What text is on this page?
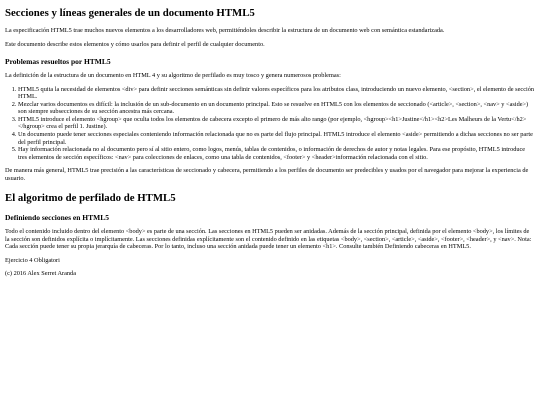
Secciones y líneas generales de un documento HTML5

La especificación HTML5 trae muchos nuevos elementos a los desarrolladores web, permitiéndoles describir la estructura de un documento web con semántica estandarizada.

Este documento describe estos elementos y cómo usarlos para definir el perfil de cualquier documento.

Problemas resueltos por HTML5

La definición de la estructura de un documento en HTML 4 y su algoritmo de perfilado es muy tosco y genera numerosos problemas:

1. HTML5 quita la necesidad de elementos <div> para definir secciones semánticas sin definir valores específicos para los atributos class, introduciendo un nuevo elemento, <section>, el elemento de sección HTML.
2. Mezclar varios documentos es difícil: la inclusión de un sub-documento en un documento principal. Esto se resuelve en HTML5 con los elementos de seccionado (<article>, <section>, <nav> y <aside>) son siempre subsecciones de su sección ancestra más cercana.
3. HTML5 introduce el elemento <hgroup> que oculta todos los elementos de cabecera excepto el primero de más alto rango (por ejemplo, <hgroup><h1>Justine</h1><h2>Les Malheurs de la Vertu</h2></hgroup> crea el perfil 1. Justine).
4. Un documento puede tener secciones especiales conteniendo información relacionada que no es parte del flujo principal. HTML5 introduce el elemento <aside> permitiendo a dichas secciones no ser parte del perfil principal.
5. Hay información relacionada no al documento pero sí al sitio entero, como logos, menús, tablas de contenidos, o información de derechos de autor y notas legales. Para ese propósito, HTML5 introduce tres elementos de sección específicos: <nav> para colecciones de enlaces, como una tabla de contenidos, <footer> y <header>información relacionada con el sitio.

De manera más general, HTML5 trae precisión a las características de seccionado y cabecera, permitiendo a los perfiles de documento ser predecibles y usados por el navegador para mejorar la experiencia de usuario.

El algoritmo de perfilado de HTML5
Definiendo secciones en HTML5

Todo el contenido incluido dentro del elemento <body> es parte de una sección. Las secciones en HTML5 pueden ser anidadas. Además de la sección principal, definida por el elemento <body>, los límites de la sección son definidos explícita o implícitamente. Las secciones definidas explícitamente son el contenido definido en las etiquetas <body>, <section>, <article>, <aside>, <footer>, <header>, y <nav>. Nota: Cada sección puede tener su propia jerarquía de cabeceras. Por lo tanto, incluso una sección anidada puede tener un elemento <h1>. Consulte también Definiendo cabeceras en HTML5.

Ejercicio 4 Obligatori

(c) 2016 Alex Serret Aranda
